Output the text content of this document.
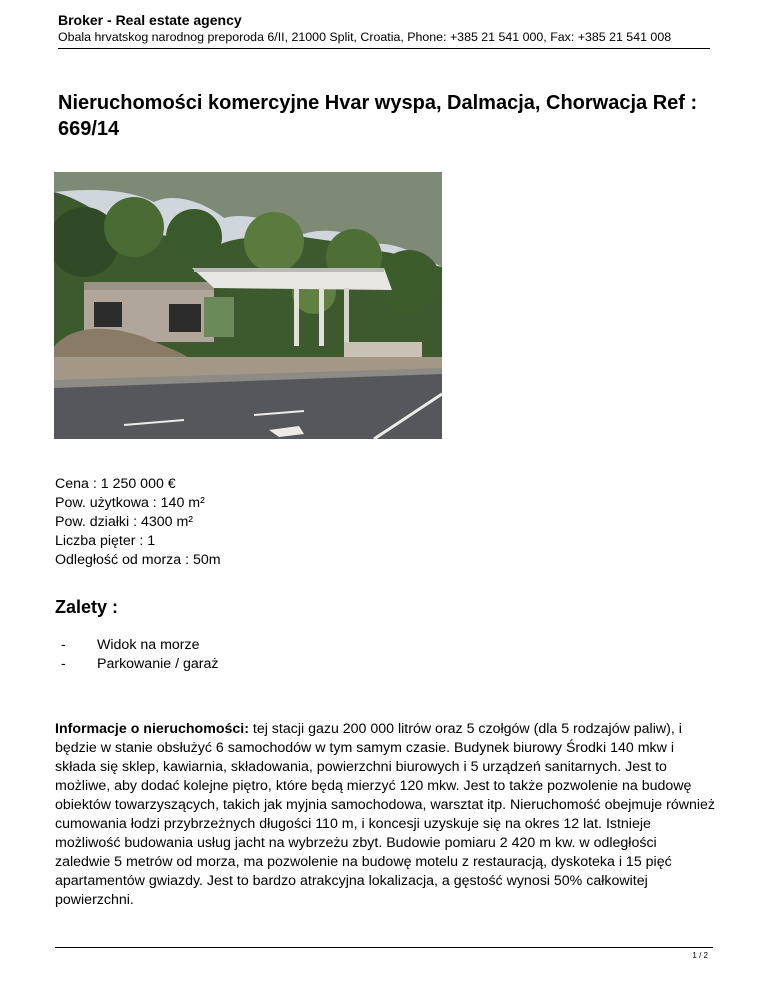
Broker - Real estate agency
Obala hrvatskog narodnog preporoda 6/II, 21000 Split, Croatia, Phone: +385 21 541 000, Fax: +385 21 541 008
Nieruchomości komercyjne Hvar wyspa, Dalmacja, Chorwacja Ref : 669/14
Cena : 1 250 000 €
Pow. użytkowa : 140 m²
Pow. działki : 4300 m²
Liczba pięter : 1
Odległość od morza : 50m
Zalety :
- Widok na morze
- Parkowanie / garaż

Informacje o nieruchomości: tej stacji gazu 200 000 litrów oraz 5 czołgów (dla 5 rodzajów paliw), i będzie w stanie obsłużyć 6 samochodów w tym samym czasie. Budynek biurowy Środki 140 mkw i składa się sklep, kawiarnia, składowania, powierzchni biurowych i 5 urządzeń sanitarnych. Jest to możliwe, aby dodać kolejne piętro, które będą mierzyć 120 mkw. Jest to także pozwolenie na budowę obiektów towarzyszących, takich jak myjnia samochodowa, warsztat itp. Nieruchomość obejmuje również cumowania łodzi przybrzeżnych długości 110 m, i koncesji uzyskuje się na okres 12 lat. Istnieje możliwość budowania usług jacht na wybrzeżu zbyt. Budowie pomiaru 2 420 m kw. w odległości zaledwie 5 metrów od morza, ma pozwolenie na budowę motelu z restauracją, dyskoteka i 15 pięć apartamentów gwiazdy. Jest to bardzo atrakcyjna lokalizacja, a gęstość wynosi 50% całkowitej powierzchni.

1 / 2
